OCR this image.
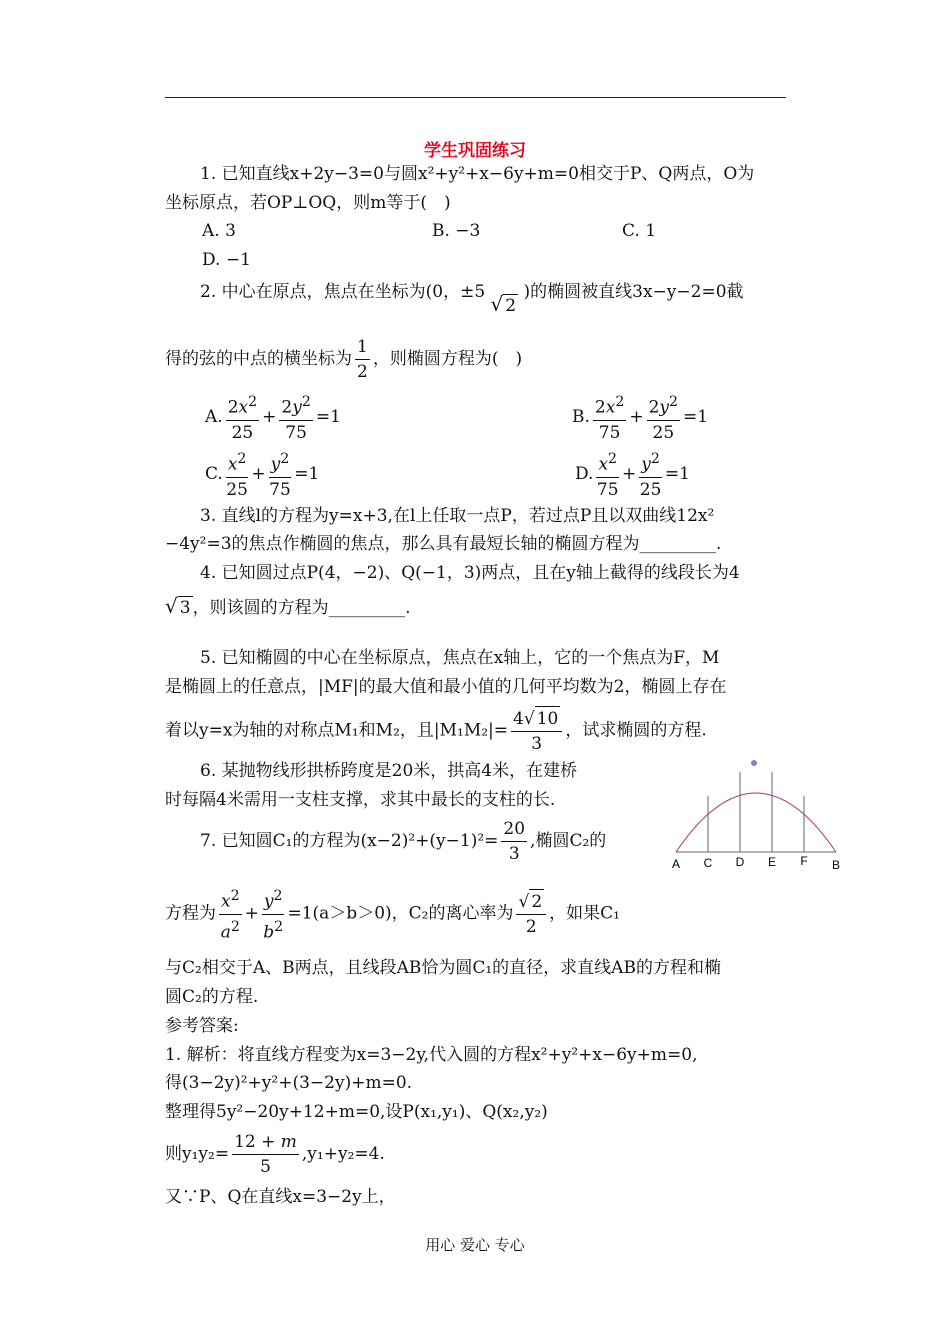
学生巩固练习
1. 已知直线x+2y−3=0与圆x²+y²+x−6y+m=0相交于P、Q两点，O为
坐标原点，若OP⊥OQ，则m等于(　)
A. 3	B. −3	C. 1
D. −1
2. 中心在原点，焦点在坐标为(0，±5 √ 2 )的椭圆被直线3x−y−2=0截
得的弦的中点的横坐标为 $\frac{1}{2}$ ，则椭圆方程为(　)
A. $\frac{2x^2}{25} + \frac{2y^2}{75} =1$	B. $\frac{2x^2}{75} + \frac{2y^2}{25} =1$
C. $\frac{x^2}{25} + \frac{y^2}{75} =1$	D. $\frac{x^2}{75} + \frac{y^2}{25} =1$
3. 直线l的方程为y=x+3,在l上任取一点P，若过点P且以双曲线12x²
−4y²=3的焦点作椭圆的焦点，那么具有最短长轴的椭圆方程为_________.
4. 已知圆过点P(4，−2)、Q(−1，3)两点，且在y轴上截得的线段长为4
√ 3 ，则该圆的方程为_________.
5. 已知椭圆的中心在坐标原点，焦点在x轴上，它的一个焦点为F，M
是椭圆上的任意点，|MF|的最大值和最小值的几何平均数为2，椭圆上存在
着以y=x为轴的对称点M₁和M₂，且$|M_1M_2|= \frac{4√ 10}{3}$ ，试求椭圆的方程.
6. 某抛物线形拱桥跨度是20米，拱高4米，在建桥
时每隔4米需用一支柱支撑，求其中最长的支柱的长.
A C D E F B
7. 已知圆C₁的方程为$(x-2)^2+(y-1)^2= \frac{20}{3}$ ,椭圆C₂的
方程为 $\frac{x^2}{a^2} + \frac{y^2}{b^2} =1(a>b>0)$，C₂的离心率为 $\frac{√ 2}{2}$ ，如果C₁
与C₂相交于A、B两点，且线段AB恰为圆C₁的直径，求直线AB的方程和椭
圆C₂的方程.
参考答案:
1. 解析：将直线方程变为x=3−2y,代入圆的方程x²+y²+x−6y+m=0,
得(3−2y)²+y²+(3−2y)+m=0.
整理得5y²−20y+12+m=0,设P(x₁,y₁)、Q(x₂,y₂)
则$y_1y_2= \frac{12 + m}{5} ,y_1+y_2=4$.
又∵P、Q在直线x=3−2y上，
用心 爱心 专心
